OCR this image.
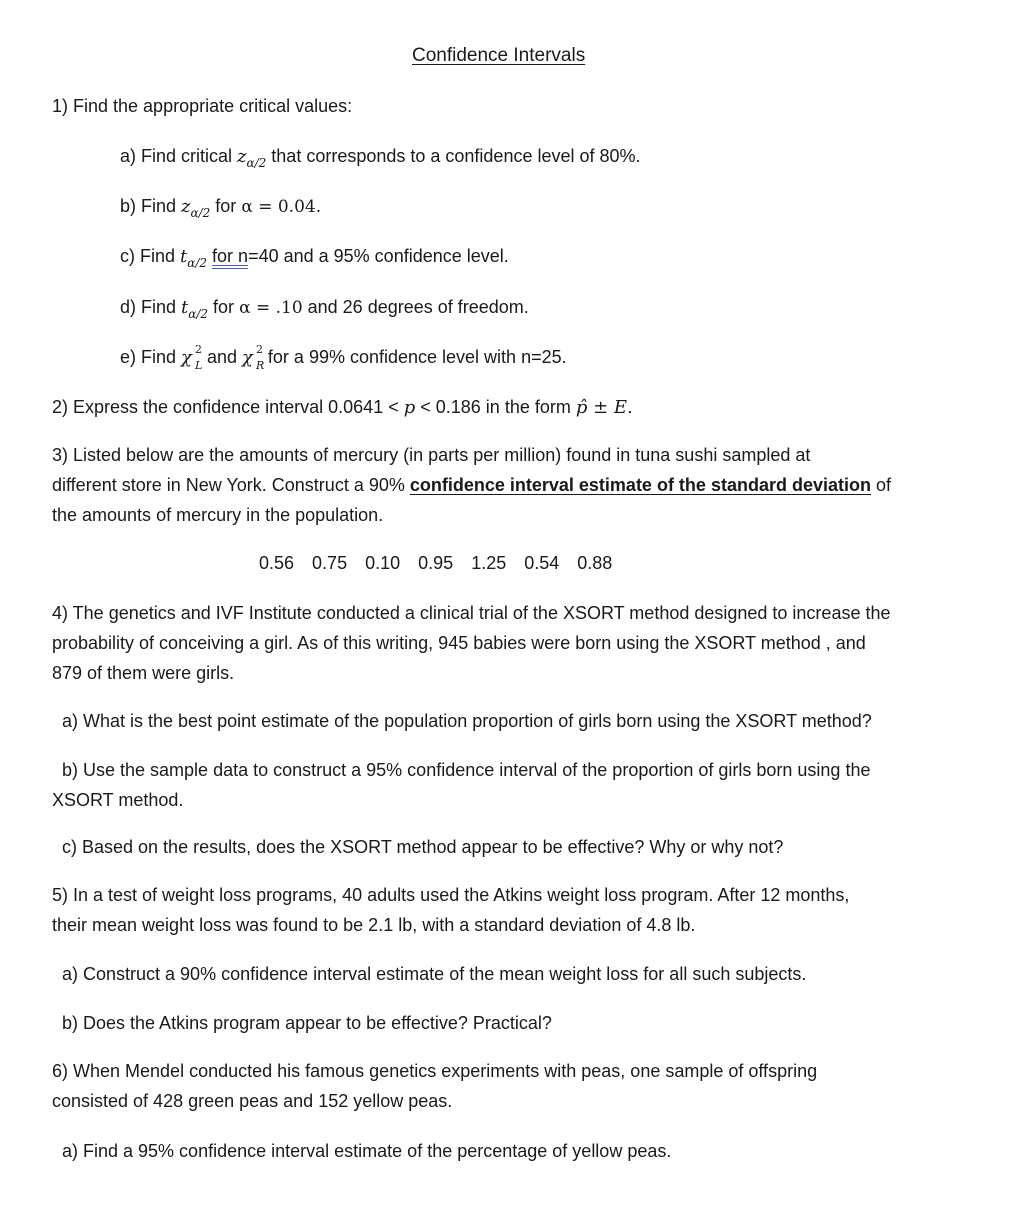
Confidence Intervals
1) Find the appropriate critical values:
a) Find critical $z_{\alpha/2}$ that corresponds to a confidence level of 80%.
b) Find $z_{\alpha/2}$ for α = 0.04.
c) Find $t_{\alpha/2}$ for n=40 and a 95% confidence level.
d) Find $t_{\alpha/2}$ for α = .10 and 26 degrees of freedom.
e) Find χ 2
L and χ 2
R
for a 99% confidence level with n=25.
2) Express the confidence interval 0.0641 < p < 0.186 in the form p̂ ± E.
3) Listed below are the amounts of mercury (in parts per million) found in tuna sushi sampled at
different store in New York. Construct a 90% confidence interval estimate of the standard deviation of
the amounts of mercury in the population.
0.56 0.75 0.10 0.95 1.25 0.54 0.88
4) The genetics and IVF Institute conducted a clinical trial of the XSORT method designed to increase the
probability of conceiving a girl. As of this writing, 945 babies were born using the XSORT method , and
879 of them were girls.
a) What is the best point estimate of the population proportion of girls born using the XSORT method?
b) Use the sample data to construct a 95% confidence interval of the proportion of girls born using the
XSORT method.
c) Based on the results, does the XSORT method appear to be effective? Why or why not?
5) In a test of weight loss programs, 40 adults used the Atkins weight loss program. After 12 months,
their mean weight loss was found to be 2.1 lb, with a standard deviation of 4.8 lb.
a) Construct a 90% confidence interval estimate of the mean weight loss for all such subjects.
b) Does the Atkins program appear to be effective? Practical?
6) When Mendel conducted his famous genetics experiments with peas, one sample of offspring
consisted of 428 green peas and 152 yellow peas.
a) Find a 95% confidence interval estimate of the percentage of yellow peas.
